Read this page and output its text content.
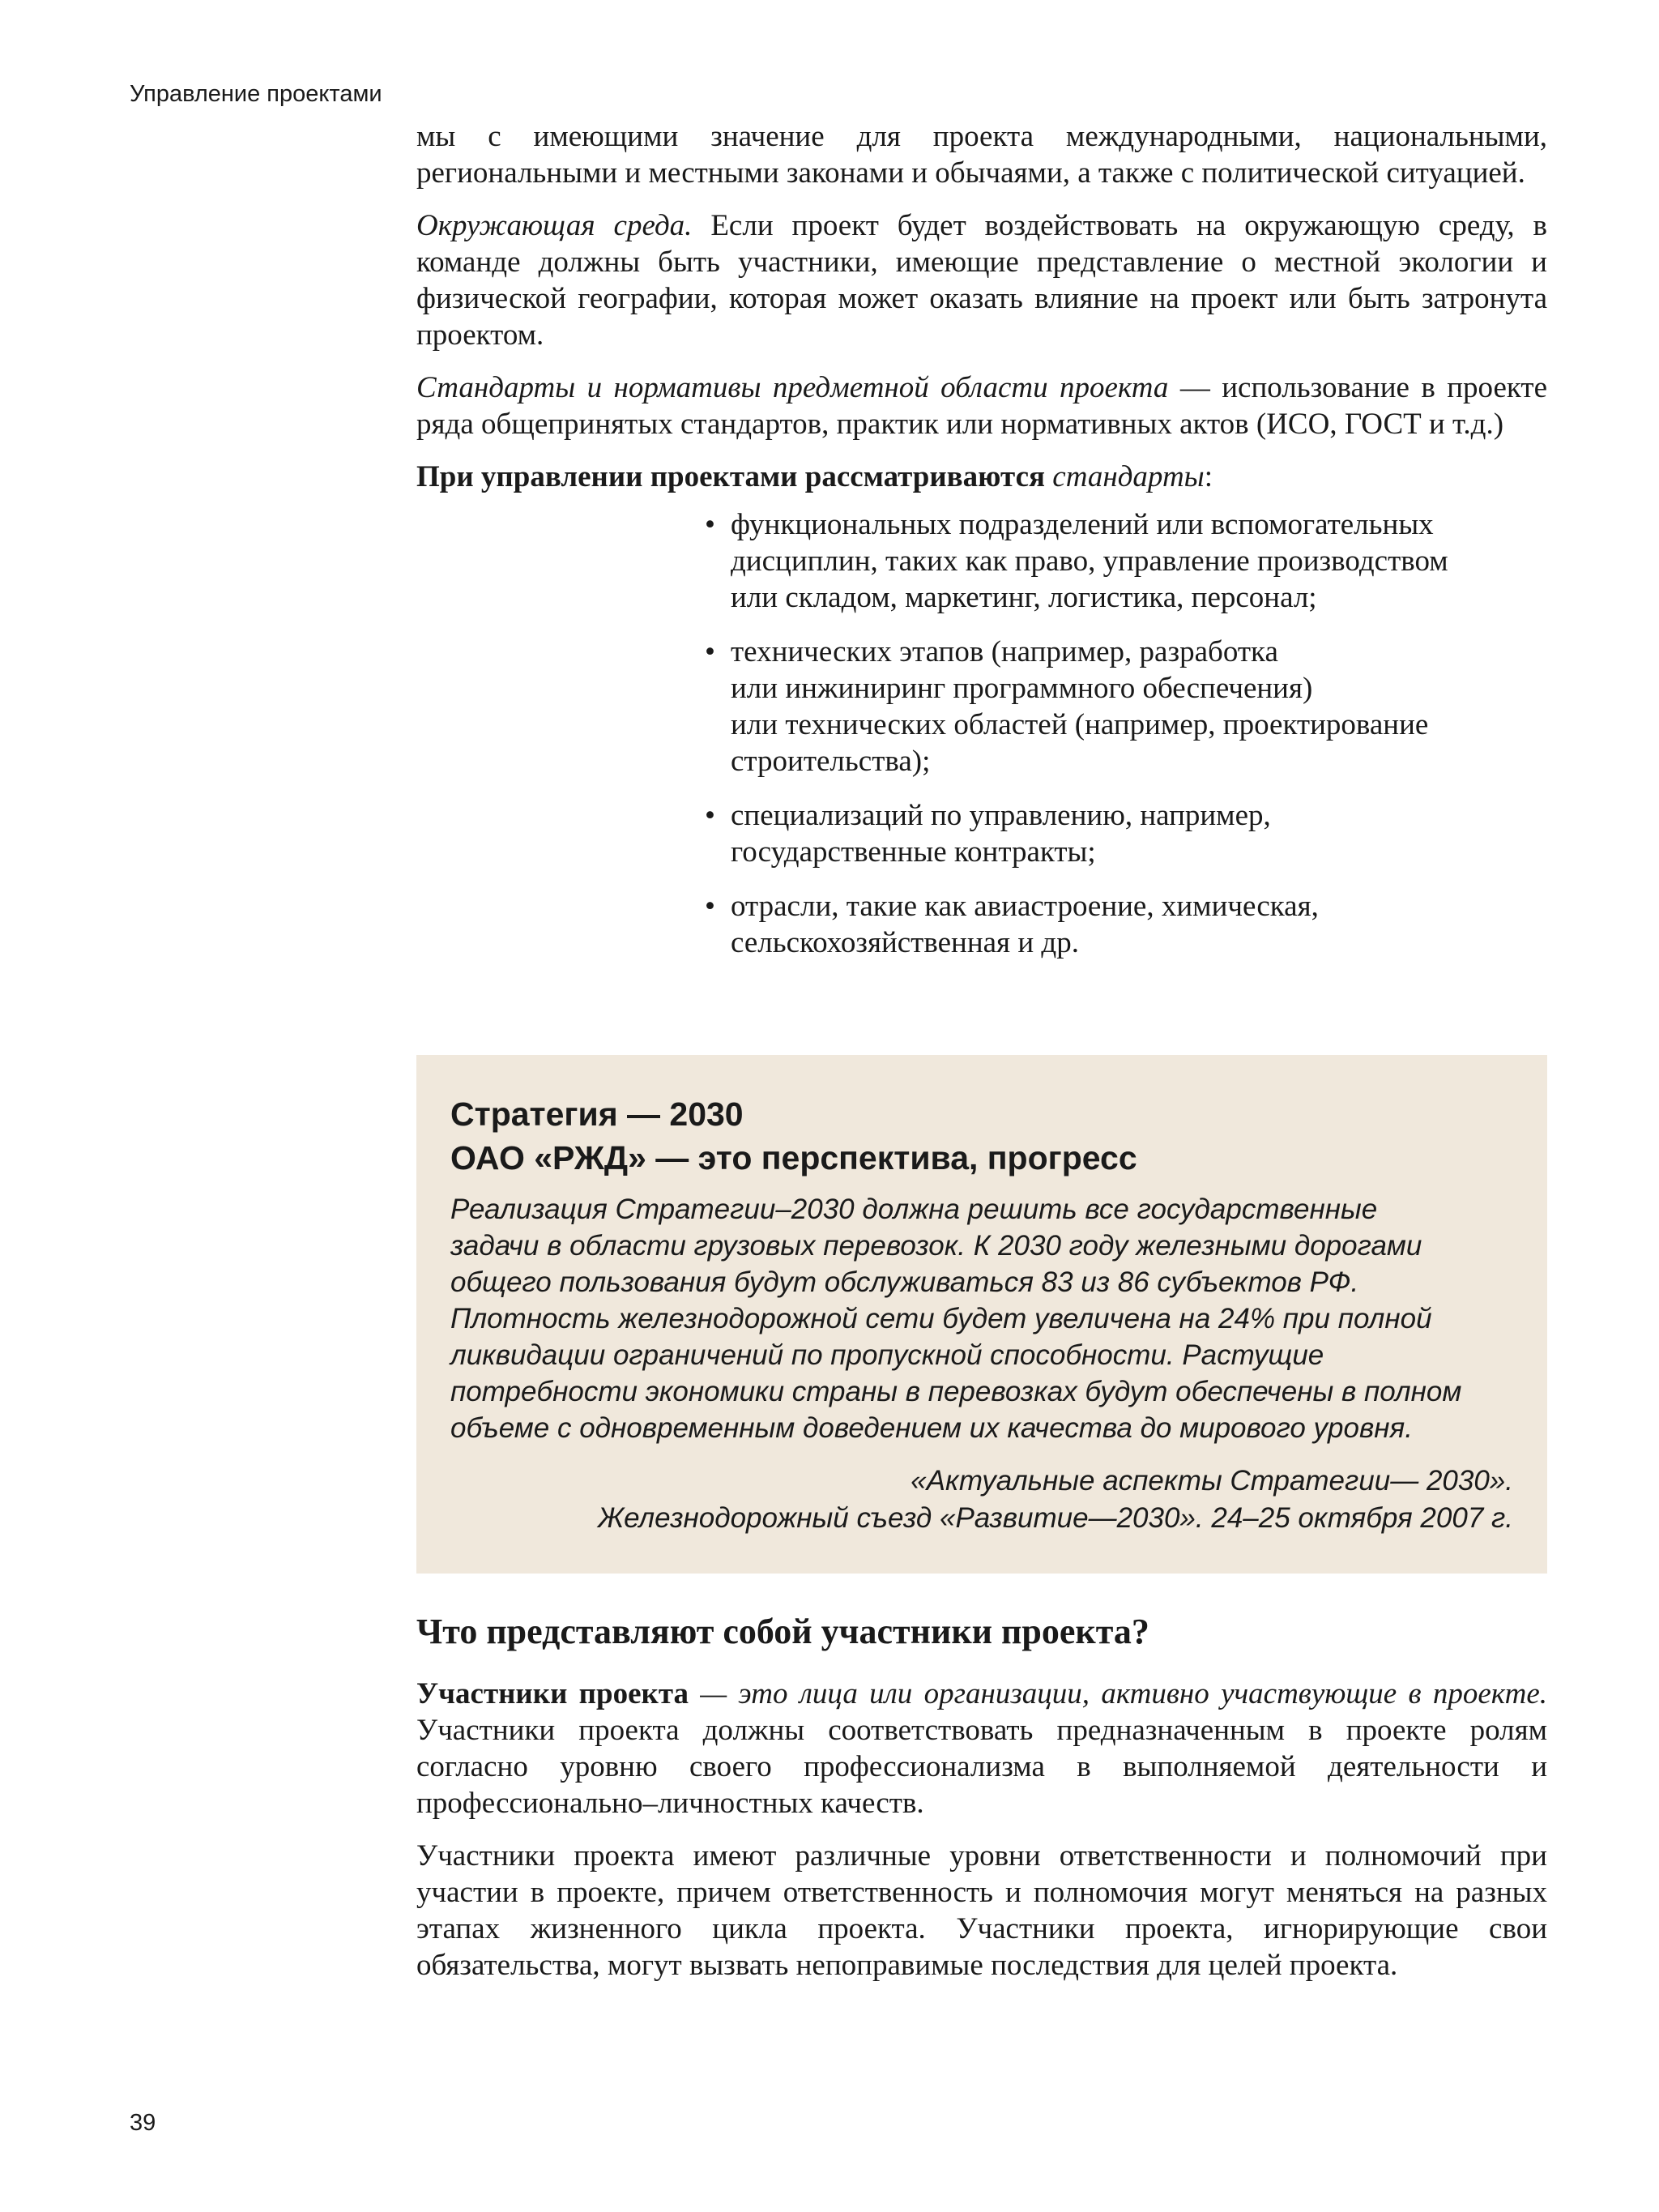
Управление проектами

мы с имеющими значение для проекта международными, национальными, региональными и местными законами и обычаями, а также с политической ситуацией.

Окружающая среда. Если проект будет воздействовать на окружающую среду, в команде должны быть участники, имеющие представление о местной экологии и физической географии, которая может оказать влияние на проект или быть затронута проектом.

Стандарты и нормативы предметной области проекта — использование в проекте ряда общепринятых стандартов, практик или нормативных актов (ИСО, ГОСТ и т.д.)

При управлении проектами рассматриваются стандарты:

• функциональных подразделений или вспомогательных
дисциплин, таких как право, управление производством
или складом, маркетинг, логистика, персонал;
• технических этапов (например, разработка
или инжиниринг программного обеспечения)
или технических областей (например, проектирование
строительства);
• специализаций по управлению, например,
государственные контракты;
• отрасли, такие как авиастроение, химическая,
сельскохозяйственная и др.
Стратегия — 2030
ОАО «РЖД» — это перспектива, прогресс
Реализация Стратегии–2030 должна решить все государственные
задачи в области грузовых перевозок. К 2030 году железными дорогами
общего пользования будут обслуживаться 83 из 86 субъектов РФ.
Плотность железнодорожной сети будет увеличена на 24% при полной
ликвидации ограничений по пропускной способности. Растущие
потребности экономики страны в перевозках будут обеспечены в полном
объеме с одновременным доведением их качества до мирового уровня.
«Актуальные аспекты Стратегии— 2030».
Железнодорожный съезд «Развитие—2030». 24–25 октября 2007 г.
Что представляют собой участники проекта?

Участники проекта — это лица или организации, активно участвующие в проекте. Участники проекта должны соответствовать предназначенным в проекте ролям согласно уровню своего профессионализма в выполняемой деятельности и профессионально–личностных качеств.

Участники проекта имеют различные уровни ответственности и полномочий при участии в проекте, причем ответственность и полномочия могут меняться на разных этапах жизненного цикла проекта. Участники проекта, игнорирующие свои обязательства, могут вызвать непоправимые последствия для целей проекта.

39
